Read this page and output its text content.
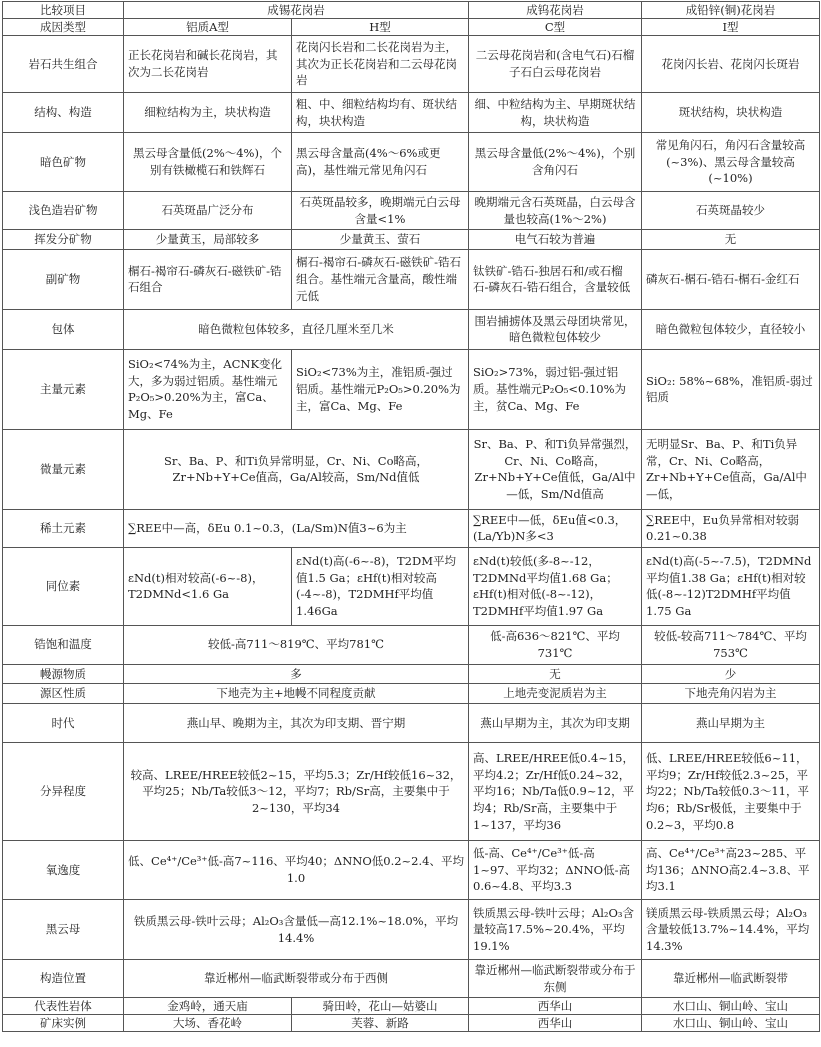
比较项目	成锡花岗岩		成钨花岗岩	成铅锌(铜)花岗岩
成因类型	铝质A型	H型	C型	I型
岩石共生组合	正长花岗岩和碱长花岗岩，其次为二长花岗岩	花岗闪长岩和二长花岗岩为主，其次为正长花岗岩和二云母花岗岩	二云母花岗岩和(含电气石)石榴子石白云母花岗岩	花岗闪长岩、花岗闪长斑岩
结构、构造	细粒结构为主，块状构造	粗、中、细粒结构均有、斑状结构，块状构造	细、中粒结构为主、早期斑状结构，块状构造	斑状结构，块状构造
暗色矿物	黑云母含量低(2%～4%)，个别有铁橄榄石和铁辉石	黑云母含量高(4%～6%或更高)，基性端元常见角闪石	黑云母含量低(2%～4%)，个别含角闪石	常见角闪石，角闪石含量较高(~3%)、黑云母含量较高(~10%)
浅色造岩矿物	石英斑晶广泛分布	石英斑晶较多，晚期端元白云母含量<1%	晚期端元含石英斑晶，白云母含量也较高(1%～2%)	石英斑晶较少
挥发分矿物	少量黄玉，局部较多	少量黄玉、萤石	电气石较为普遍	无
副矿物	榍石-褐帘石-磷灰石-磁铁矿-锆石组合	榍石-褐帘石-磷灰石-磁铁矿-锆石组合。基性端元含量高，酸性端元低	钛铁矿-锆石-独居石和/或石榴石-磷灰石-锆石组合，含量较低	磷灰石-榍石-锆石-榍石-金红石
包体	暗色微粒包体较多，直径几厘米至几米		围岩捕掳体及黑云母团块常见，暗色微粒包体较少	暗色微粒包体较少，直径较小
主量元素	SiO₂<74%为主，ACNK变化大，多为弱过铝质。基性端元P₂O₅>0.20%为主，富Ca、Mg、Fe	SiO₂<73%为主，准铝质-强过铝质。基性端元P₂O₅>0.20%为主，富Ca、Mg、Fe	SiO₂>73%，弱过铝-强过铝质。基性端元P₂O₅<0.10%为主，贫Ca、Mg、Fe	SiO₂: 58%~68%，准铝质-弱过铝质
微量元素	Sr、Ba、P、和Ti负异常明显，Cr、Ni、Co略高，Zr+Nb+Y+Ce值高，Ga/Al较高，Sm/Nd值低		Sr、Ba、P、和Ti负异常强烈，Cr、Ni、Co略高，Zr+Nb+Y+Ce值低，Ga/Al中—低，Sm/Nd值高	无明显Sr、Ba、P、和Ti负异常，Cr、Ni、Co略高，Zr+Nb+Y+Ce值高，Ga/Al中—低，
稀土元素	∑REE中—高，δEu 0.1~0.3，(La/Sm)N值3~6为主		∑REE中—低，δEu值<0.3，(La/Yb)N多<3	∑REE中，Eu负异常相对较弱0.21~0.38
同位素	εNd(t)相对较高(-6~-8)，T2DMNd<1.6 Ga	εNd(t)高(-6~-8)，T2DM平均值1.5 Ga；εHf(t)相对较高(-4~-8)，T2DMHf平均值1.46Ga	εNd(t)较低(多-8~-12，T2DMNd平均值1.68 Ga；εHf(t)相对低(-8~-12)，T2DMHf平均值1.97 Ga	εNd(t)高(-5~-7.5)，T2DMNd平均值1.38 Ga；εHf(t)相对较低(-8~-12)T2DMHf平均值1.75 Ga
锆饱和温度	较低-高711～819℃、平均781℃		低-高636～821℃、平均731℃	较低-较高711～784℃、平均753℃
幔源物质	多		无	少
源区性质	下地壳为主+地幔不同程度贡献		上地壳变泥质岩为主	下地壳角闪岩为主
时代	燕山早、晚期为主，其次为印支期、晋宁期		燕山早期为主，其次为印支期	燕山早期为主
分异程度	较高、LREE/HREE较低2~15，平均5.3；Zr/Hf较低16~32，平均25；Nb/Ta较低3～12，平均7；Rb/Sr高，主要集中于2~130，平均34		高、LREE/HREE低0.4~15，平均4.2；Zr/Hf低0.24~32，平均16；Nb/Ta低0.9~12，平均4；Rb/Sr高，主要集中于1~137，平均36	低、LREE/HREE较低6~11，平均9；Zr/Hf较低2.3~25，平均22；Nb/Ta较低0.3～11，平均6；Rb/Sr极低，主要集中于0.2~3，平均0.8
氧逸度	低、Ce⁴⁺/Ce³⁺低-高7~116、平均40；ΔNNO低0.2~2.4、平均1.0		低-高、Ce⁴⁺/Ce³⁺低-高1~97、平均32；ΔNNO低-高0.6~4.8、平均3.3	高、Ce⁴⁺/Ce³⁺高23~285、平均136；ΔNNO高2.4~3.8、平均3.1
黑云母	铁质黑云母-铁叶云母；Al₂O₃含量低—高12.1%~18.0%，平均14.4%		铁质黑云母-铁叶云母；Al₂O₃含量较高17.5%~20.4%，平均19.1%	镁质黑云母-铁质黑云母；Al₂O₃含量较低13.7%~14.4%，平均14.3%
构造位置	靠近郴州—临武断裂带或分布于西侧		靠近郴州—临武断裂带或分布于东侧	靠近郴州—临武断裂带
代表性岩体	金鸡岭，通天庙	骑田岭，花山—姑婆山	西华山	水口山、铜山岭、宝山
矿床实例	大场、香花岭	芙蓉、新路	西华山	水口山、铜山岭、宝山
